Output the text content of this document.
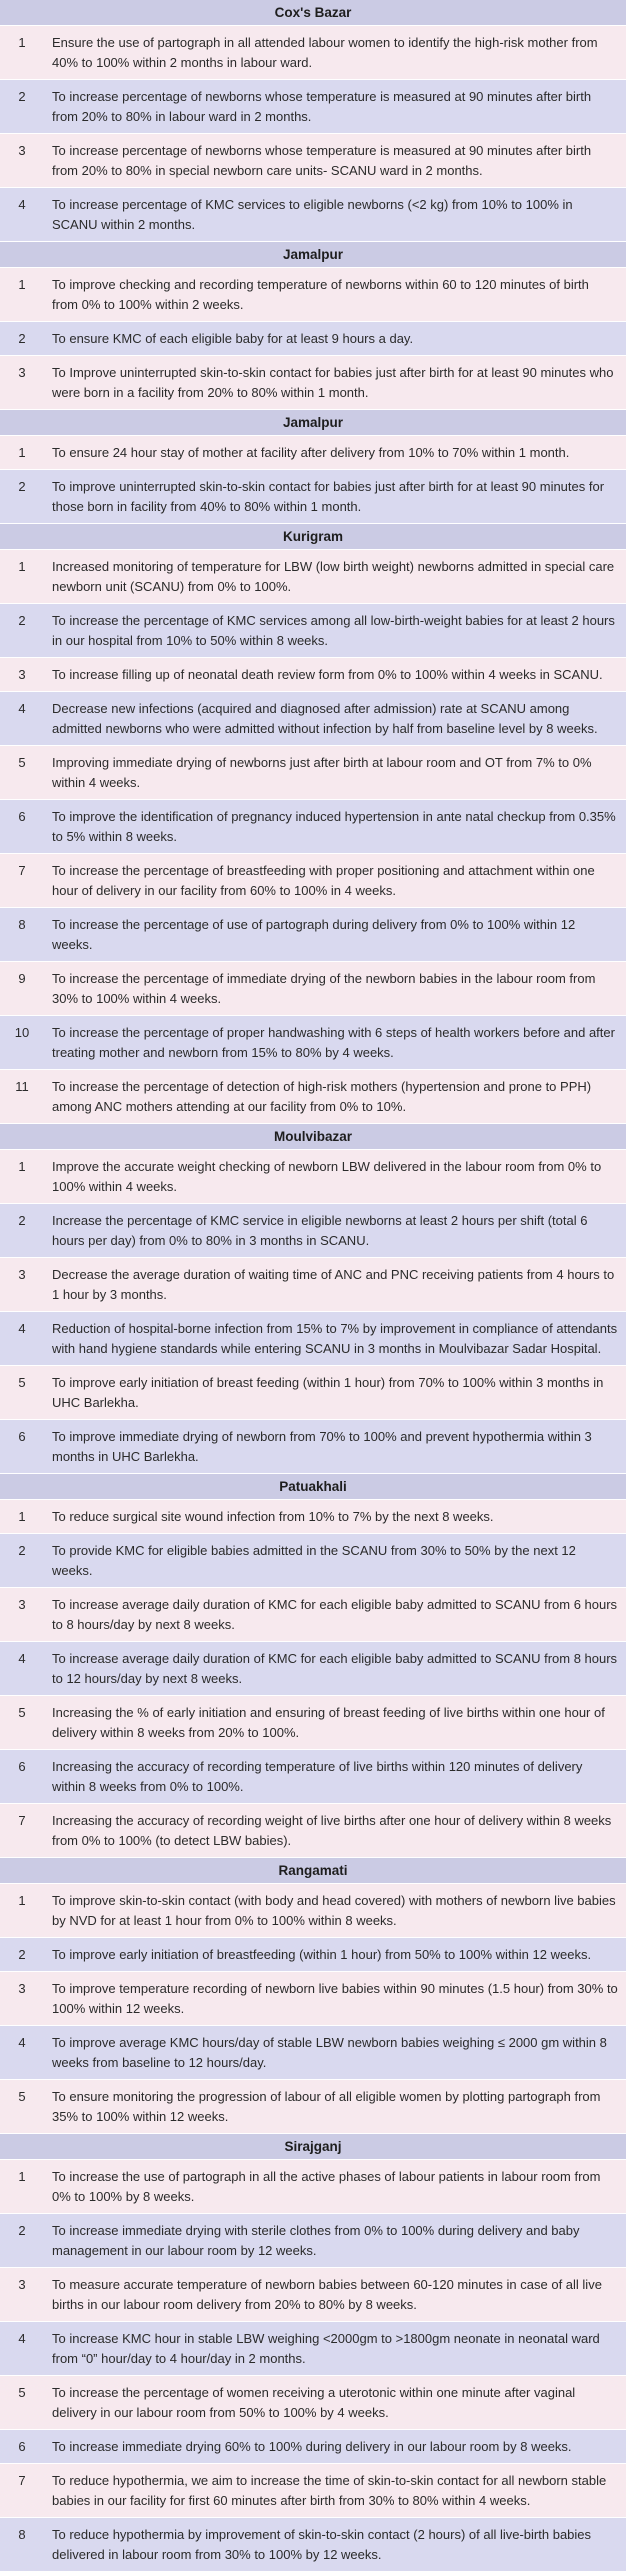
Cox's Bazar
1	Ensure the use of partograph in all attended labour women to identify the high-risk mother from 40% to 100% within 2 months in labour ward.
2	To increase percentage of newborns whose temperature is measured at 90 minutes after birth from 20% to 80% in labour ward in 2 months.
3	To increase percentage of newborns whose temperature is measured at 90 minutes after birth from 20% to 80% in special newborn care units- SCANU ward in 2 months.
4	To increase percentage of KMC services to eligible newborns (<2 kg) from 10% to 100% in SCANU within 2 months.
Jamalpur
1	To improve checking and recording temperature of newborns within 60 to 120 minutes of birth from 0% to 100% within 2 weeks.
2	To ensure KMC of each eligible baby for at least 9 hours a day.
3	To Improve uninterrupted skin-to-skin contact for babies just after birth for at least 90 minutes who were born in a facility from 20% to 80% within 1 month.
Jamalpur
1	To ensure 24 hour stay of mother at facility after delivery from 10% to 70% within 1 month.
2	To improve uninterrupted skin-to-skin contact for babies just after birth for at least 90 minutes for those born in facility from 40% to 80% within 1 month.
Kurigram
1	Increased monitoring of temperature for LBW (low birth weight) newborns admitted in special care newborn unit (SCANU) from 0% to 100%.
2	To increase the percentage of KMC services among all low-birth-weight babies for at least 2 hours in our hospital from 10% to 50% within 8 weeks.
3	To increase filling up of neonatal death review form from 0% to 100% within 4 weeks in SCANU.
4	Decrease new infections (acquired and diagnosed after admission) rate at SCANU among admitted newborns who were admitted without infection by half from baseline level by 8 weeks.
5	Improving immediate drying of newborns just after birth at labour room and OT from 7% to 0% within 4 weeks.
6	To improve the identification of pregnancy induced hypertension in ante natal checkup from 0.35% to 5% within 8 weeks.
7	To increase the percentage of breastfeeding with proper positioning and attachment within one hour of delivery in our facility from 60% to 100% in 4 weeks.
8	To increase the percentage of use of partograph during delivery from 0% to 100% within 12 weeks.
9	To increase the percentage of immediate drying of the newborn babies in the labour room from 30% to 100% within 4 weeks.
10	To increase the percentage of proper handwashing with 6 steps of health workers before and after treating mother and newborn from 15% to 80% by 4 weeks.
11	To increase the percentage of detection of high-risk mothers (hypertension and prone to PPH) among ANC mothers attending at our facility from 0% to 10%.
Moulvibazar
1	Improve the accurate weight checking of newborn LBW delivered in the labour room from 0% to 100% within 4 weeks.
2	Increase the percentage of KMC service in eligible newborns at least 2 hours per shift (total 6 hours per day) from 0% to 80% in 3 months in SCANU.
3	Decrease the average duration of waiting time of ANC and PNC receiving patients from 4 hours to 1 hour by 3 months.
4	Reduction of hospital-borne infection from 15% to 7% by improvement in compliance of attendants with hand hygiene standards while entering SCANU in 3 months in Moulvibazar Sadar Hospital.
5	To improve early initiation of breast feeding (within 1 hour) from 70% to 100% within 3 months in UHC Barlekha.
6	To improve immediate drying of newborn from 70% to 100% and prevent hypothermia within 3 months in UHC Barlekha.
Patuakhali
1	To reduce surgical site wound infection from 10% to 7% by the next 8 weeks.
2	To provide KMC for eligible babies admitted in the SCANU from 30% to 50% by the next 12 weeks.
3	To increase average daily duration of KMC for each eligible baby admitted to SCANU from 6 hours to 8 hours/day by next 8 weeks.
4	To increase average daily duration of KMC for each eligible baby admitted to SCANU from 8 hours to 12 hours/day by next 8 weeks.
5	Increasing the % of early initiation and ensuring of breast feeding of live births within one hour of delivery within 8 weeks from 20% to 100%.
6	Increasing the accuracy of recording temperature of live births within 120 minutes of delivery within 8 weeks from 0% to 100%.
7	Increasing the accuracy of recording weight of live births after one hour of delivery within 8 weeks from 0% to 100% (to detect LBW babies).
Rangamati
1	To improve skin-to-skin contact (with body and head covered) with mothers of newborn live babies by NVD for at least 1 hour from 0% to 100% within 8 weeks.
2	To improve early initiation of breastfeeding (within 1 hour) from 50% to 100% within 12 weeks.
3	To improve temperature recording of newborn live babies within 90 minutes (1.5 hour) from 30% to 100% within 12 weeks.
4	To improve average KMC hours/day of stable LBW newborn babies weighing ≤ 2000 gm within 8 weeks from baseline to 12 hours/day.
5	To ensure monitoring the progression of labour of all eligible women by plotting partograph from 35% to 100% within 12 weeks.
Sirajganj
1	To increase the use of partograph in all the active phases of labour patients in labour room from 0% to 100% by 8 weeks.
2	To increase immediate drying with sterile clothes from 0% to 100% during delivery and baby management in our labour room by 12 weeks.
3	To measure accurate temperature of newborn babies between 60-120 minutes in case of all live births in our labour room delivery from 20% to 80% by 8 weeks.
4	To increase KMC hour in stable LBW weighing <2000gm to >1800gm neonate in neonatal ward from “0” hour/day to 4 hour/day in 2 months.
5	To increase the percentage of women receiving a uterotonic within one minute after vaginal delivery in our labour room from 50% to 100% by 4 weeks.
6	To increase immediate drying 60% to 100% during delivery in our labour room by 8 weeks.
7	To reduce hypothermia, we aim to increase the time of skin-to-skin contact for all newborn stable babies in our facility for first 60 minutes after birth from 30% to 80% within 4 weeks.
8	To reduce hypothermia by improvement of skin-to-skin contact (2 hours) of all live-birth babies delivered in labour room from 30% to 100% by 12 weeks.
